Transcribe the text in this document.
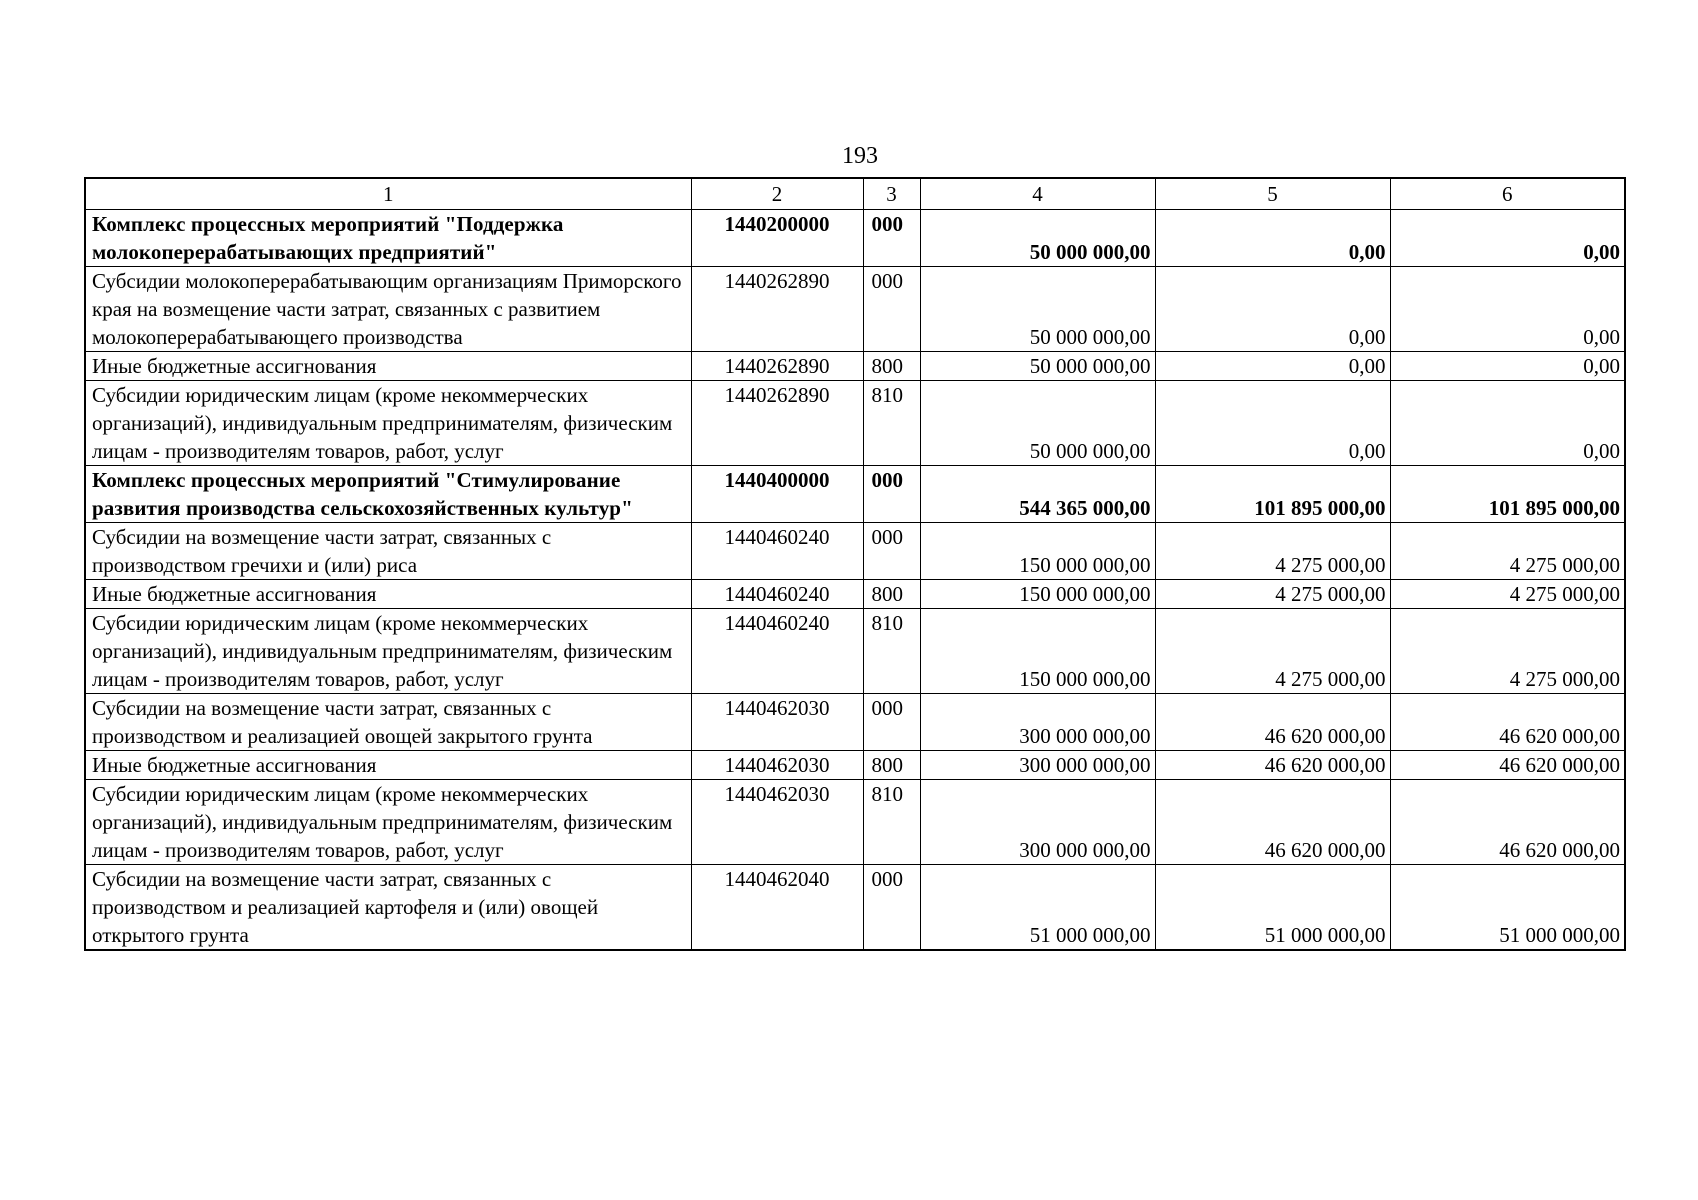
193
1	2	3	4	5	6
Комплекс процессных мероприятий "Поддержка молокоперерабатывающих предприятий"	1440200000	000	50 000 000,00	0,00	0,00
Субсидии молокоперерабатывающим организациям Приморского края на возмещение части затрат, связанных с развитием молокоперерабатывающего производства	1440262890	000	50 000 000,00	0,00	0,00
Иные бюджетные ассигнования	1440262890	800	50 000 000,00	0,00	0,00
Субсидии юридическим лицам (кроме некоммерческих организаций), индивидуальным предпринимателям, физическим лицам - производителям товаров, работ, услуг	1440262890	810	50 000 000,00	0,00	0,00
Комплекс процессных мероприятий "Стимулирование развития производства сельскохозяйственных культур"	1440400000	000	544 365 000,00	101 895 000,00	101 895 000,00
Субсидии на возмещение части затрат, связанных с производством гречихи и (или) риса	1440460240	000	150 000 000,00	4 275 000,00	4 275 000,00
Иные бюджетные ассигнования	1440460240	800	150 000 000,00	4 275 000,00	4 275 000,00
Субсидии юридическим лицам (кроме некоммерческих организаций), индивидуальным предпринимателям, физическим лицам - производителям товаров, работ, услуг	1440460240	810	150 000 000,00	4 275 000,00	4 275 000,00
Субсидии на возмещение части затрат, связанных с производством и реализацией овощей закрытого грунта	1440462030	000	300 000 000,00	46 620 000,00	46 620 000,00
Иные бюджетные ассигнования	1440462030	800	300 000 000,00	46 620 000,00	46 620 000,00
Субсидии юридическим лицам (кроме некоммерческих организаций), индивидуальным предпринимателям, физическим лицам - производителям товаров, работ, услуг	1440462030	810	300 000 000,00	46 620 000,00	46 620 000,00
Субсидии на возмещение части затрат, связанных с производством и реализацией картофеля и (или) овощей открытого грунта	1440462040	000	51 000 000,00	51 000 000,00	51 000 000,00
